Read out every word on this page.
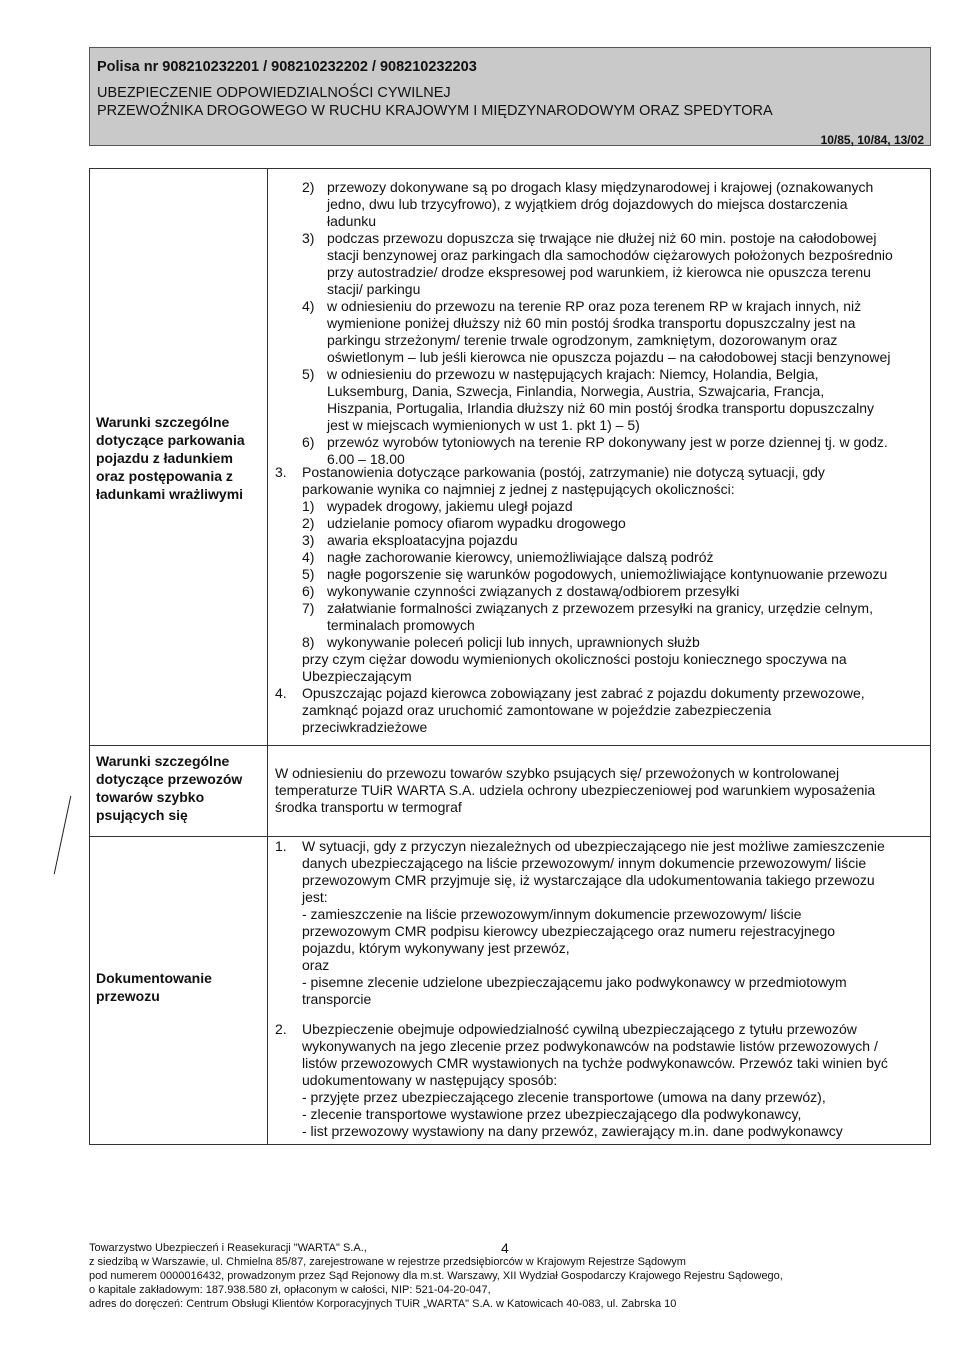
Polisa nr 908210232201 / 908210232202 / 908210232203
UBEZPIECZENIE ODPOWIEDZIALNOŚCI CYWILNEJ
PRZEWOŹNIKA DROGOWEGO W RUCHU KRAJOWYM I MIĘDZYNARODOWYM ORAZ SPEDYTORA
10/85, 10/84, 13/02
Warunki szczególne
dotyczące parkowania
pojazdu z ładunkiem
oraz postępowania z
ładunkami wrażliwymi
2) przewozy dokonywane są po drogach klasy międzynarodowej i krajowej (oznakowanych
jedno, dwu lub trzycyfrowo), z wyjątkiem dróg dojazdowych do miejsca dostarczenia
ładunku
3) podczas przewozu dopuszcza się trwające nie dłużej niż 60 min. postoje na całodobowej
stacji benzynowej oraz parkingach dla samochodów ciężarowych położonych bezpośrednio
przy autostradzie/ drodze ekspresowej pod warunkiem, iż kierowca nie opuszcza terenu
stacji/ parkingu
4) w odniesieniu do przewozu na terenie RP oraz poza terenem RP w krajach innych, niż
wymienione poniżej dłuższy niż 60 min postój środka transportu dopuszczalny jest na
parkingu strzeżonym/ terenie trwale ogrodzonym, zamkniętym, dozorowanym oraz
oświetlonym – lub jeśli kierowca nie opuszcza pojazdu – na całodobowej stacji benzynowej
5) w odniesieniu do przewozu w następujących krajach: Niemcy, Holandia, Belgia,
Luksemburg, Dania, Szwecja, Finlandia, Norwegia, Austria, Szwajcaria, Francja,
Hiszpania, Portugalia, Irlandia dłuższy niż 60 min postój środka transportu dopuszczalny
jest w miejscach wymienionych w ust 1. pkt 1) – 5)
6) przewóz wyrobów tytoniowych na terenie RP dokonywany jest w porze dziennej tj. w godz.
6.00 – 18.00
3. Postanowienia dotyczące parkowania (postój, zatrzymanie) nie dotyczą sytuacji, gdy
parkowanie wynika co najmniej z jednej z następujących okoliczności:
1) wypadek drogowy, jakiemu uległ pojazd
2) udzielanie pomocy ofiarom wypadku drogowego
3) awaria eksploatacyjna pojazdu
4) nagłe zachorowanie kierowcy, uniemożliwiające dalszą podróż
5) nagłe pogorszenie się warunków pogodowych, uniemożliwiające kontynuowanie przewozu
6) wykonywanie czynności związanych z dostawą/odbiorem przesyłki
7) załatwianie formalności związanych z przewozem przesyłki na granicy, urzędzie celnym,
terminalach promowych
8) wykonywanie poleceń policji lub innych, uprawnionych służb
przy czym ciężar dowodu wymienionych okoliczności postoju koniecznego spoczywa na
Ubezpieczającym
4. Opuszczając pojazd kierowca zobowiązany jest zabrać z pojazdu dokumenty przewozowe,
zamknąć pojazd oraz uruchomić zamontowane w pojeździe zabezpieczenia
przeciwkradzieżowe
Warunki szczególne
dotyczące przewozów
towarów szybko
psujących się
W odniesieniu do przewozu towarów szybko psujących się/ przewożonych w kontrolowanej
temperaturze TUiR WARTA S.A. udziela ochrony ubezpieczeniowej pod warunkiem wyposażenia
środka transportu w termograf
Dokumentowanie
przewozu
1. W sytuacji, gdy z przyczyn niezależnych od ubezpieczającego nie jest możliwe zamieszczenie
danych ubezpieczającego na liście przewozowym/ innym dokumencie przewozowym/ liście
przewozowym CMR przyjmuje się, iż wystarczające dla udokumentowania takiego przewozu
jest:
- zamieszczenie na liście przewozowym/innym dokumencie przewozowym/ liście
przewozowym CMR podpisu kierowcy ubezpieczającego oraz numeru rejestracyjnego
pojazdu, którym wykonywany jest przewóz,
oraz
- pisemne zlecenie udzielone ubezpieczającemu jako podwykonawcy w przedmiotowym
transporcie
2. Ubezpieczenie obejmuje odpowiedzialność cywilną ubezpieczającego z tytułu przewozów
wykonywanych na jego zlecenie przez podwykonawców na podstawie listów przewozowych /
listów przewozowych CMR wystawionych na tychże podwykonawców. Przewóz taki winien być
udokumentowany w następujący sposób:
- przyjęte przez ubezpieczającego zlecenie transportowe (umowa na dany przewóz),
- zlecenie transportowe wystawione przez ubezpieczającego dla podwykonawcy,
- list przewozowy wystawiony na dany przewóz, zawierający m.in. dane podwykonawcy
4
Towarzystwo Ubezpieczeń i Reasekuracji "WARTA" S.A.,
z siedzibą w Warszawie, ul. Chmielna 85/87, zarejestrowane w rejestrze przedsiębiorców w Krajowym Rejestrze Sądowym
pod numerem 0000016432, prowadzonym przez Sąd Rejonowy dla m.st. Warszawy, XII Wydział Gospodarczy Krajowego Rejestru Sądowego,
o kapitale zakładowym: 187.938.580 zł, opłaconym w całości, NIP: 521-04-20-047,
adres do doręczeń: Centrum Obsługi Klientów Korporacyjnych TUiR „WARTA" S.A. w Katowicach 40-083, ul. Zabrska 10
